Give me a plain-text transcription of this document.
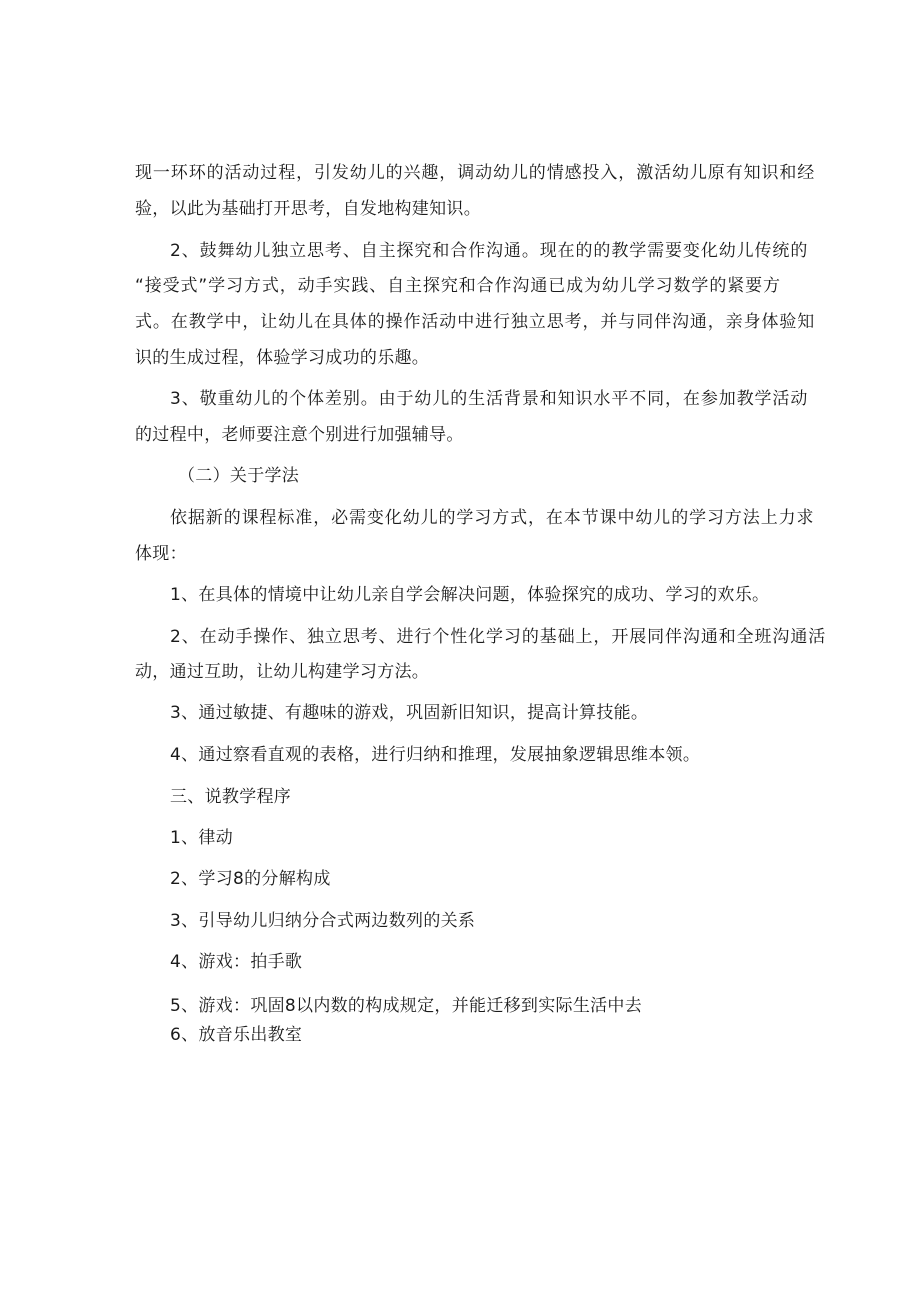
现一环环的活动过程，引发幼儿的兴趣，调动幼儿的情感投入，激活幼儿原有知识和经
验，以此为基础打开思考，自发地构建知识。
2、鼓舞幼儿独立思考、自主探究和合作沟通。现在的的教学需要变化幼儿传统的
“接受式”学习方式，动手实践、自主探究和合作沟通已成为幼儿学习数学的紧要方
式。在教学中，让幼儿在具体的操作活动中进行独立思考，并与同伴沟通，亲身体验知
识的生成过程，体验学习成功的乐趣。
3、敬重幼儿的个体差别。由于幼儿的生活背景和知识水平不同，在参加教学活动
的过程中，老师要注意个别进行加强辅导。
（二）关于学法
依据新的课程标准，必需变化幼儿的学习方式，在本节课中幼儿的学习方法上力求
体现：
1、在具体的情境中让幼儿亲自学会解决问题，体验探究的成功、学习的欢乐。
2、在动手操作、独立思考、进行个性化学习的基础上，开展同伴沟通和全班沟通活
动，通过互助，让幼儿构建学习方法。
3、通过敏捷、有趣味的游戏，巩固新旧知识，提高计算技能。
4、通过察看直观的表格，进行归纳和推理，发展抽象逻辑思维本领。
三、说教学程序
1、律动
2、学习8的分解构成
3、引导幼儿归纳分合式两边数列的关系
4、游戏：拍手歌
5、游戏：巩固8以内数的构成规定，并能迁移到实际生活中去
6、放音乐出教室
